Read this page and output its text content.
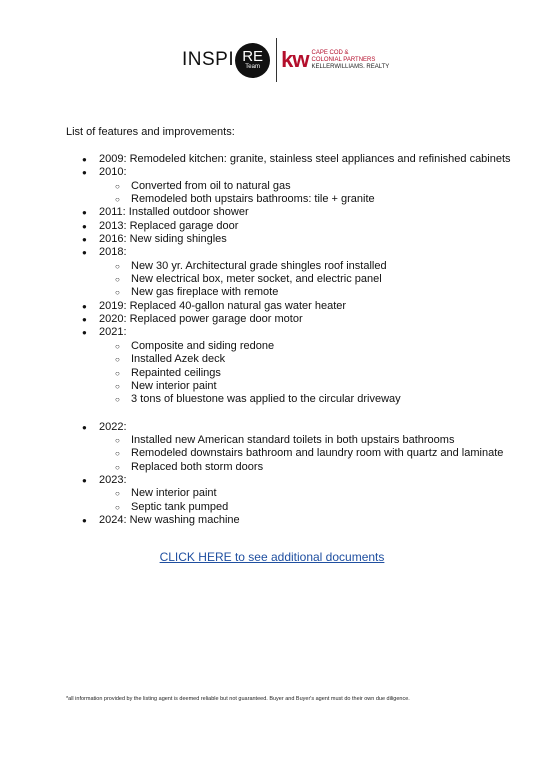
INSPI RE
Team kw CAPE COD &
COLONIAL PARTNERS
KELLERWILLIAMS. REALTY
List of features and improvements:
● 2009: Remodeled kitchen: granite, stainless steel appliances and refinished cabinets
● 2010:
○ Converted from oil to natural gas
○ Remodeled both upstairs bathrooms: tile + granite
● 2011: Installed outdoor shower
● 2013: Replaced garage door
● 2016: New siding shingles
● 2018:
○ New 30 yr. Architectural grade shingles roof installed
○ New electrical box, meter socket, and electric panel
○ New gas fireplace with remote
● 2019: Replaced 40-gallon natural gas water heater
● 2020: Replaced power garage door motor
● 2021:
○ Composite and siding redone
○ Installed Azek deck
○ Repainted ceilings
○ New interior paint
○ 3 tons of bluestone was applied to the circular driveway
● 2022:
○ Installed new American standard toilets in both upstairs bathrooms
○ Remodeled downstairs bathroom and laundry room with quartz and laminate
○ Replaced both storm doors
● 2023:
○ New interior paint
○ Septic tank pumped
● 2024: New washing machine
CLICK HERE to see additional documents
*all information provided by the listing agent is deemed reliable but not guaranteed. Buyer and Buyer's agent must do their own due diligence.
